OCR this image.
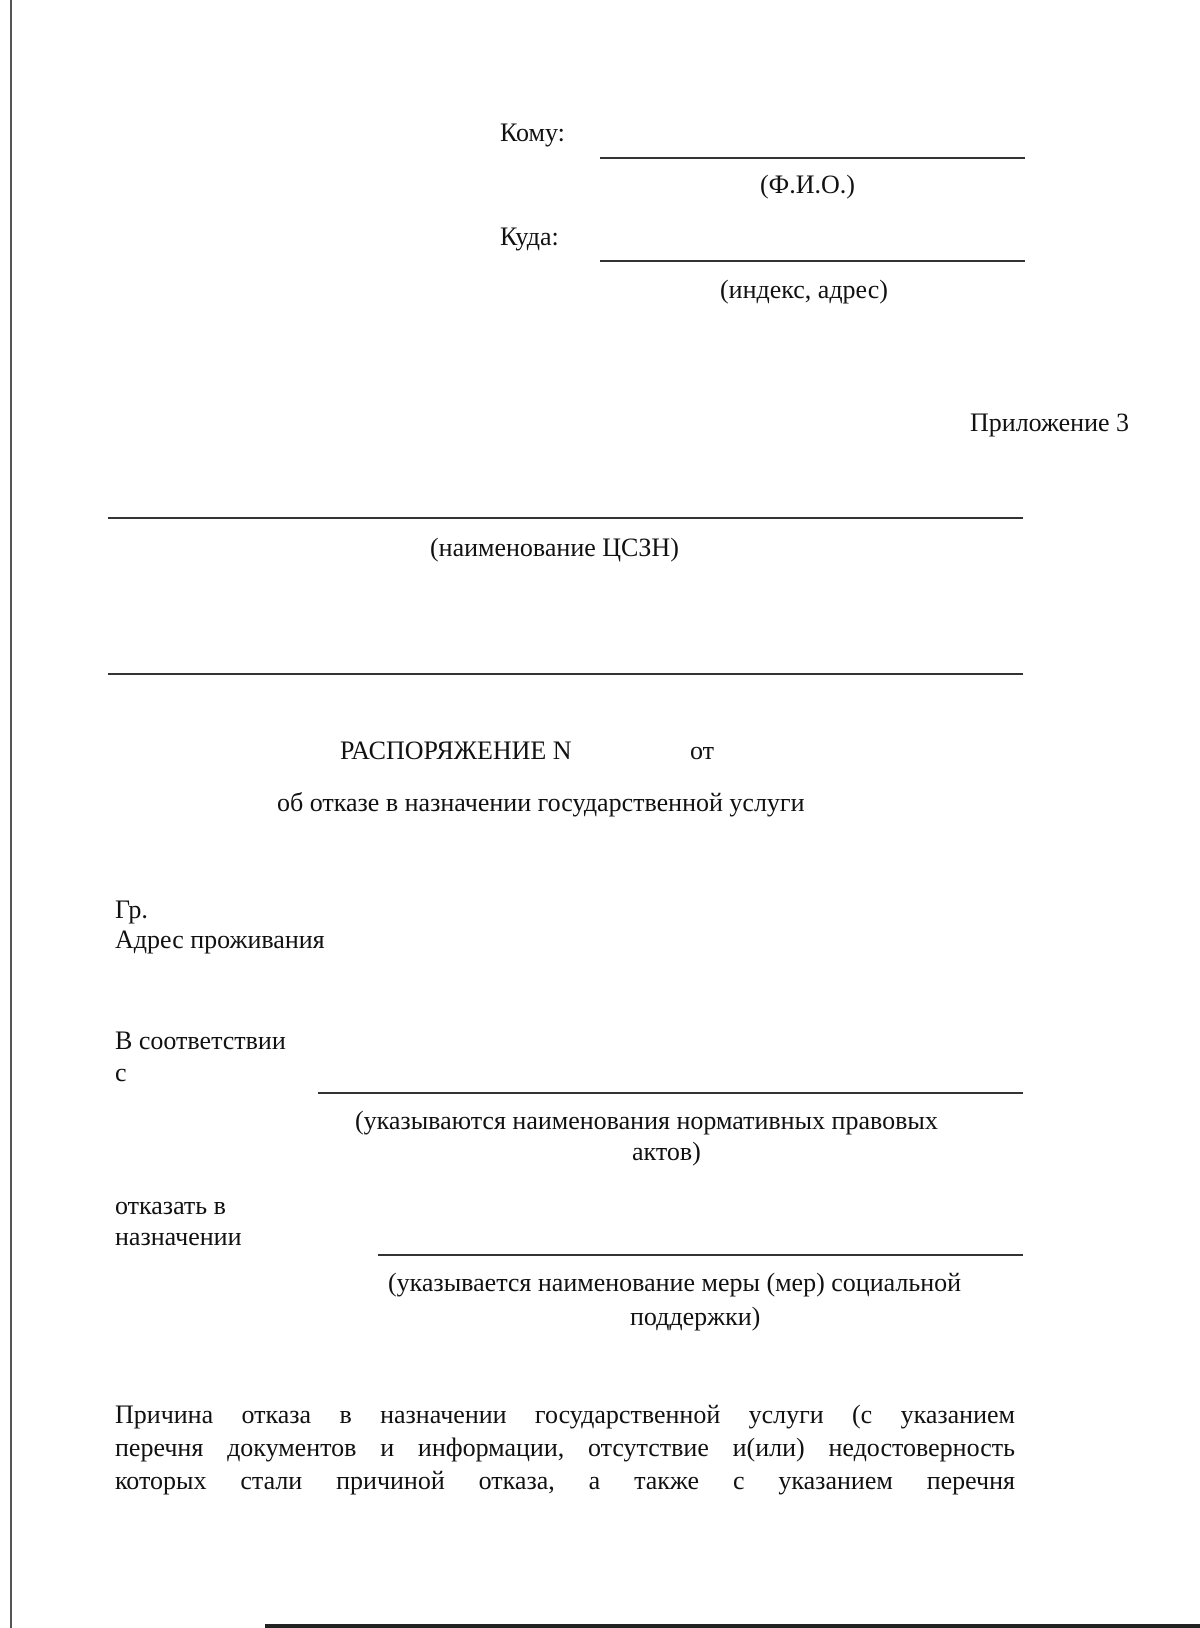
Кому:
(Ф.И.О.)
Куда:
(индекс, адрес)
Приложение 3
(наименование ЦСЗН)
РАСПОРЯЖЕНИЕ N	от
об отказе в назначении государственной услуги
Гр.
Адрес проживания
В соответствии
с
(указываются наименования нормативных правовых
актов)
отказать в
назначении
(указывается наименование меры (мер) социальной
поддержки)
Причина отказа в назначении государственной услуги (с указанием
перечня документов и информации, отсутствие и(или) недостоверность
которых стали причиной отказа, а также с указанием перечня
